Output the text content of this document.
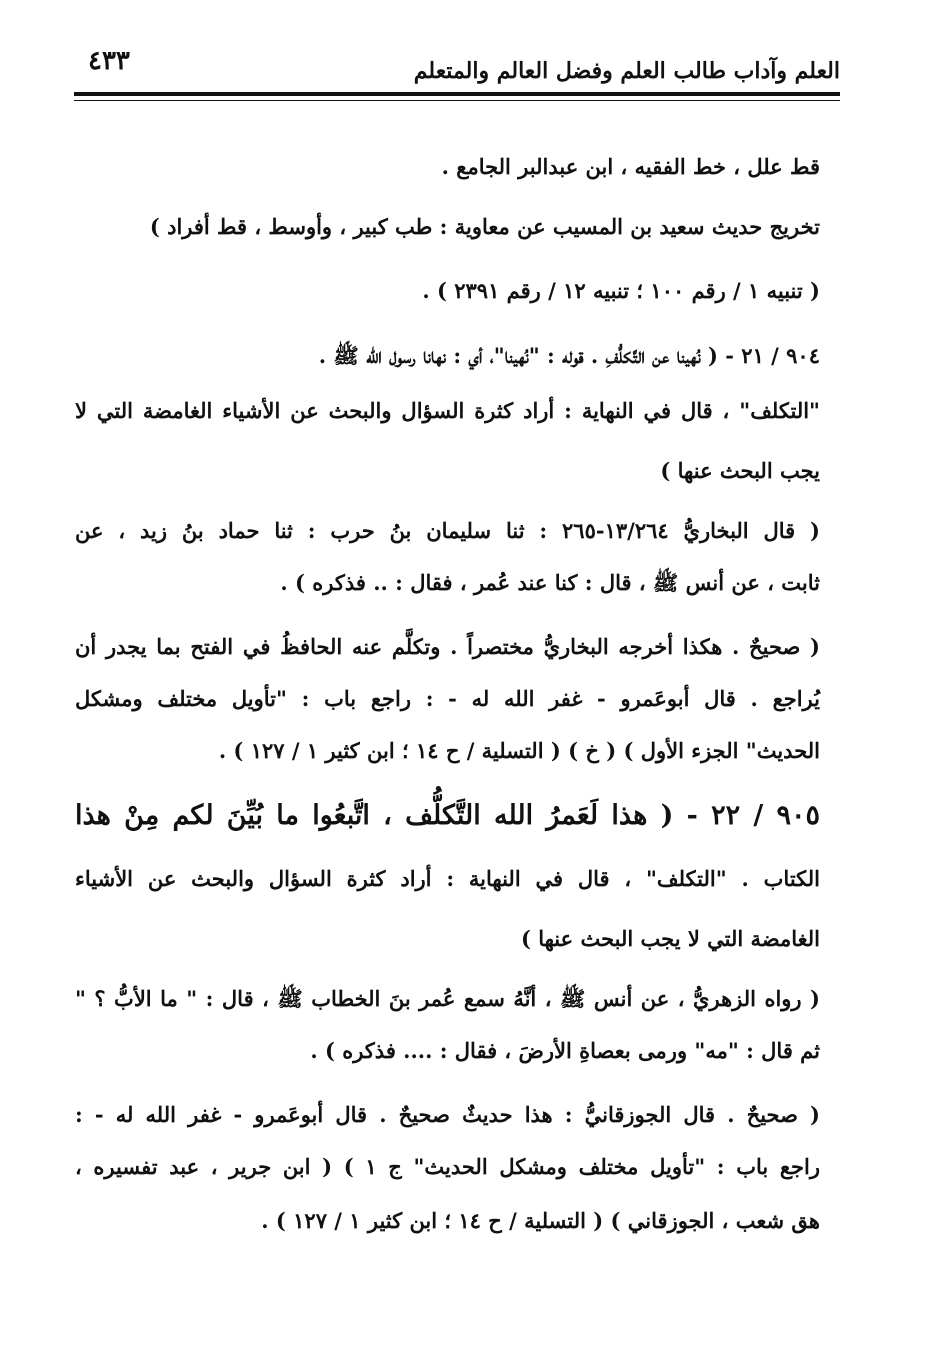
٤٣٣	العلم وآداب طالب العلم وفضل العالم والمتعلم
قط علل ، خط الفقيه ، ابن عبدالبر الجامع .
تخريج حديث سعيد بن المسيب عن معاوية : طب كبير ، وأوسط ، قط أفراد )
( تنبيه ١ / رقم ١٠٠ ؛ تنبيه ١٢ / رقم ٢٣٩١ ) .
٩٠٤ / ٢١ - ( نُهينا عن التَّكلُّفِ . قوله : "نُهينا"، أي : نهانا رسول الله ﷺ .
"التكلف" ، قال في النهاية : أراد كثرة السؤال والبحث عن الأشياء الغامضة التي لا
يجب البحث عنها )
( قال البخاريُّ ١٣/٢٦٤-٢٦٥ : ثنا سليمان بنُ حرب : ثنا حماد بنُ زيد ، عن
ثابت ، عن أنس ﷺ ، قال : كنا عند عُمر ، فقال : .. فذكره ) .
( صحيحٌ . هكذا أخرجه البخاريُّ مختصراً . وتكلَّم عنه الحافظُ في الفتح بما يجدر أن
يُراجع . قال أبوعَمرو - غفر الله له - : راجع باب : "تأويل مختلف ومشكل
الحديث" الجزء الأول ) ( خ ) ( التسلية / ح ١٤ ؛ ابن كثير ١ / ١٢٧ ) .
٩٠٥ / ٢٢ - ( هذا لَعَمرُ الله التَّكلُّف ، اتَّبعُوا ما بُيِّنَ لكم مِنْ هذا
الكتاب . "التكلف" ، قال في النهاية : أراد كثرة السؤال والبحث عن الأشياء
الغامضة التي لا يجب البحث عنها )
( رواه الزهريُّ ، عن أنس ﷺ ، أنَّهُ سمع عُمر بنَ الخطاب ﷺ ، قال : " ما الأبُّ ؟ "
ثم قال : "مه" ورمى بعصاةِ الأرضَ ، فقال : .... فذكره ) .
( صحيحٌ . قال الجوزقانيُّ : هذا حديثٌ صحيحٌ . قال أبوعَمرو - غفر الله له - :
راجع باب : "تأويل مختلف ومشكل الحديث" ج ١ ) ( ابن جرير ، عبد تفسيره ،
هق شعب ، الجوزقاني ) ( التسلية / ح ١٤ ؛ ابن كثير ١ / ١٢٧ ) .
